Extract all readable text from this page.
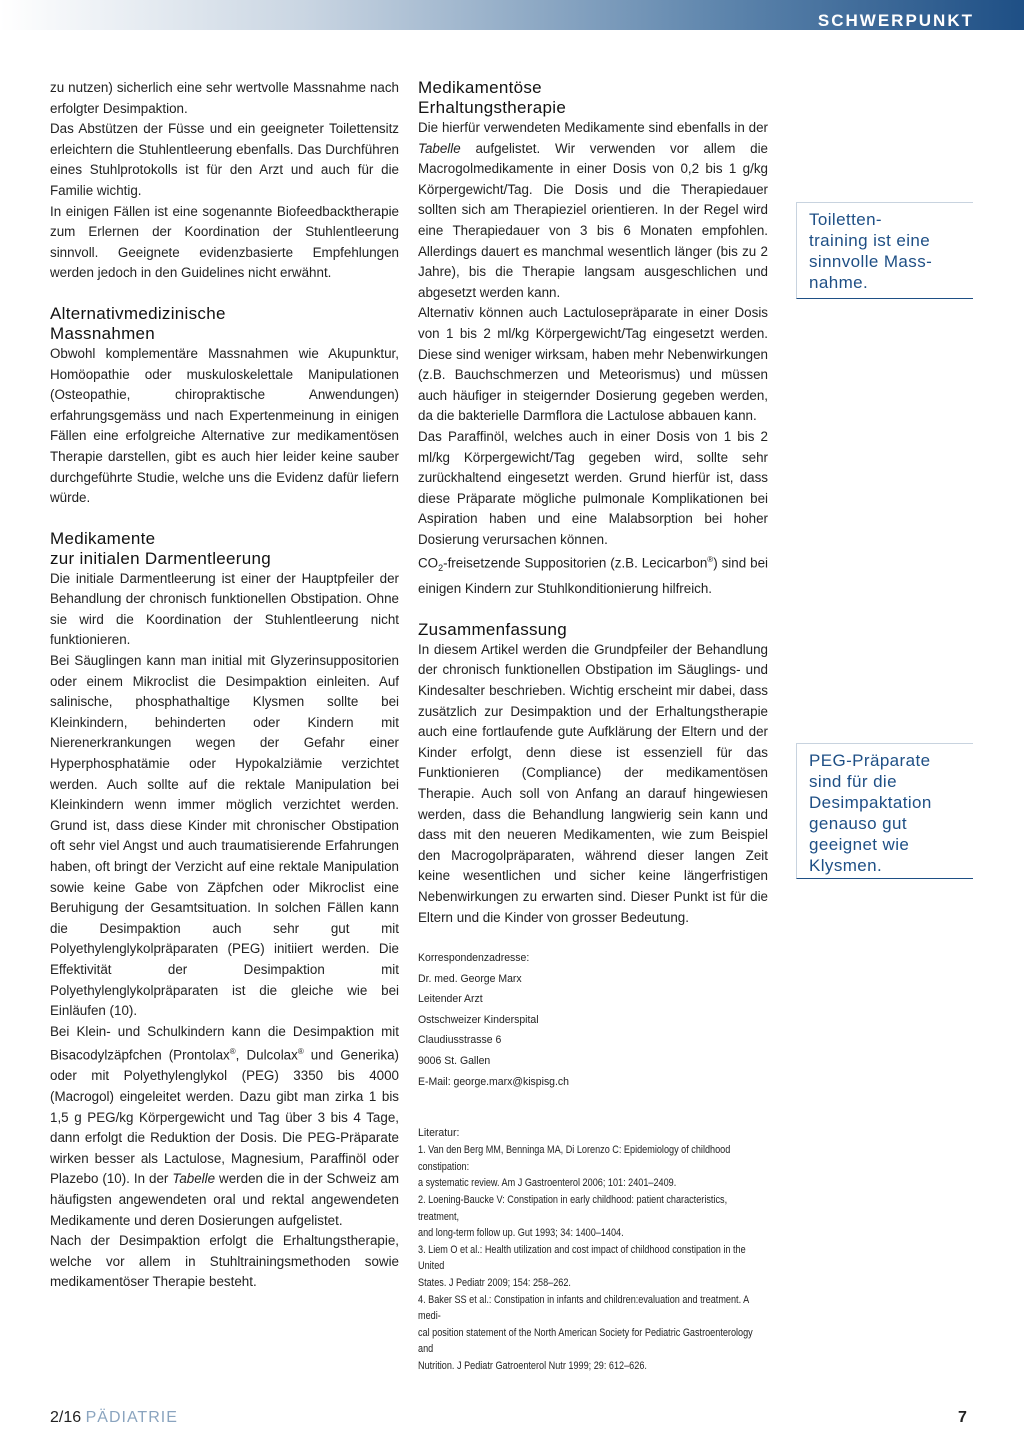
SCHWERPUNKT

zu nutzen) sicherlich eine sehr wertvolle Massnahme nach erfolgter Desimpaktion.

Das Abstützen der Füsse und ein geeigneter Toilettensitz erleichtern die Stuhlentleerung ebenfalls. Das Durchführen eines Stuhlprotokolls ist für den Arzt und auch für die Familie wichtig.

In einigen Fällen ist eine sogenannte Biofeedbacktherapie zum Erlernen der Koordination der Stuhlentleerung sinnvoll. Geeignete evidenzbasierte Empfehlungen werden jedoch in den Guidelines nicht erwähnt.

Alternativmedizinische
Massnahmen

Obwohl komplementäre Massnahmen wie Akupunktur, Homöopathie oder muskuloskelettale Manipulationen (Osteopathie, chiropraktische Anwendungen) erfahrungsgemäss und nach Expertenmeinung in einigen Fällen eine erfolgreiche Alternative zur medikamentösen Therapie darstellen, gibt es auch hier leider keine sauber durchgeführte Studie, welche uns die Evidenz dafür liefern würde.

Medikamente
zur initialen Darmentleerung

Die initiale Darmentleerung ist einer der Hauptpfeiler der Behandlung der chronisch funktionellen Obstipation. Ohne sie wird die Koordination der Stuhlentleerung nicht funktionieren.

Bei Säuglingen kann man initial mit Glyzerinsuppositorien oder einem Mikroclist die Desimpaktion einleiten. Auf salinische, phosphathaltige Klysmen sollte bei Kleinkindern, behinderten oder Kindern mit Nierenerkrankungen wegen der Gefahr einer Hyperphosphatämie oder Hypokalziämie verzichtet werden. Auch sollte auf die rektale Manipulation bei Kleinkindern wenn immer möglich verzichtet werden. Grund ist, dass diese Kinder mit chronischer Obstipation oft sehr viel Angst und auch traumatisierende Erfahrungen haben, oft bringt der Verzicht auf eine rektale Manipulation sowie keine Gabe von Zäpfchen oder Mikroclist eine Beruhigung der Gesamtsituation. In solchen Fällen kann die Desimpaktion auch sehr gut mit Polyethylenglykolpräparaten (PEG) initiiert werden. Die Effektivität der Desimpaktion mit Polyethylenglykolpräparaten ist die gleiche wie bei Einläufen (10).

Bei Klein- und Schulkindern kann die Desimpaktion mit Bisacodylzäpfchen (Prontolax®, Dulcolax® und Generika) oder mit Polyethylenglykol (PEG) 3350 bis 4000 (Macrogol) eingeleitet werden. Dazu gibt man zirka 1 bis 1,5 g PEG/kg Körpergewicht und Tag über 3 bis 4 Tage, dann erfolgt die Reduktion der Dosis. Die PEG-Präparate wirken besser als Lactulose, Magnesium, Paraffinöl oder Plazebo (10). In der Tabelle werden die in der Schweiz am häufigsten angewendeten oral und rektal angewendeten Medikamente und deren Dosierungen aufgelistet.

Nach der Desimpaktion erfolgt die Erhaltungstherapie, welche vor allem in Stuhltrainingsmethoden sowie medikamentöser Therapie besteht.

Medikamentöse
Erhaltungstherapie

Die hierfür verwendeten Medikamente sind ebenfalls in der Tabelle aufgelistet. Wir verwenden vor allem die Macrogolmedikamente in einer Dosis von 0,2 bis 1 g/kg Körpergewicht/Tag. Die Dosis und die Therapiedauer sollten sich am Therapieziel orientieren. In der Regel wird eine Therapiedauer von 3 bis 6 Monaten empfohlen. Allerdings dauert es manchmal wesentlich länger (bis zu 2 Jahre), bis die Therapie langsam ausgeschlichen und abgesetzt werden kann.

Alternativ können auch Lactulosepräparate in einer Dosis von 1 bis 2 ml/kg Körpergewicht/Tag eingesetzt werden. Diese sind weniger wirksam, haben mehr Nebenwirkungen (z.B. Bauchschmerzen und Meteorismus) und müssen auch häufiger in steigernder Dosierung gegeben werden, da die bakterielle Darmflora die Lactulose abbauen kann.

Das Paraffinöl, welches auch in einer Dosis von 1 bis 2 ml/kg Körpergewicht/Tag gegeben wird, sollte sehr zurückhaltend eingesetzt werden. Grund hierfür ist, dass diese Präparate mögliche pulmonale Komplikationen bei Aspiration haben und eine Malabsorption bei hoher Dosierung verursachen können.

$CO_2$-freisetzende Suppositorien (z.B. Lecicarbon®) sind bei einigen Kindern zur Stuhlkonditionierung hilfreich.

Zusammenfassung

In diesem Artikel werden die Grundpfeiler der Behandlung der chronisch funktionellen Obstipation im Säuglings- und Kindesalter beschrieben. Wichtig erscheint mir dabei, dass zusätzlich zur Desimpaktion und der Erhaltungstherapie auch eine fortlaufende gute Aufklärung der Eltern und der Kinder erfolgt, denn diese ist essenziell für das Funktionieren (Compliance) der medikamentösen Therapie. Auch soll von Anfang an darauf hingewiesen werden, dass die Behandlung langwierig sein kann und dass mit den neueren Medikamenten, wie zum Beispiel den Macrogolpräparaten, während dieser langen Zeit keine wesentlichen und sicher keine längerfristigen Nebenwirkungen zu erwarten sind. Dieser Punkt ist für die Eltern und die Kinder von grosser Bedeutung.

Korrespondenzadresse:
Dr. med. George Marx
Leitender Arzt
Ostschweizer Kinderspital
Claudiusstrasse 6
9006 St. Gallen
E-Mail: george.marx@kispisg.ch
Literatur:
1. Van den Berg MM, Benninga MA, Di Lorenzo C: Epidemiology of childhood constipation:
a systematic review. Am J Gastroenterol 2006; 101: 2401–2409.
2. Loening-Baucke V: Constipation in early childhood: patient characteristics, treatment,
and long-term follow up. Gut 1993; 34: 1400–1404.
3. Liem O et al.: Health utilization and cost impact of childhood constipation in the United
States. J Pediatr 2009; 154: 258–262.
4. Baker SS et al.: Constipation in infants and children:evaluation and treatment. A medi-
cal position statement of the North American Society for Pediatric Gastroenterology and
Nutrition. J Pediatr Gatroenterol Nutr 1999; 29: 612–626.
Toiletten-
training ist eine
sinnvolle Mass-
nahme.
PEG-Präparate
sind für die
Desimpaktation
genauso gut
geeignet wie
Klysmen.
2/16 PÄDIATRIE	7
